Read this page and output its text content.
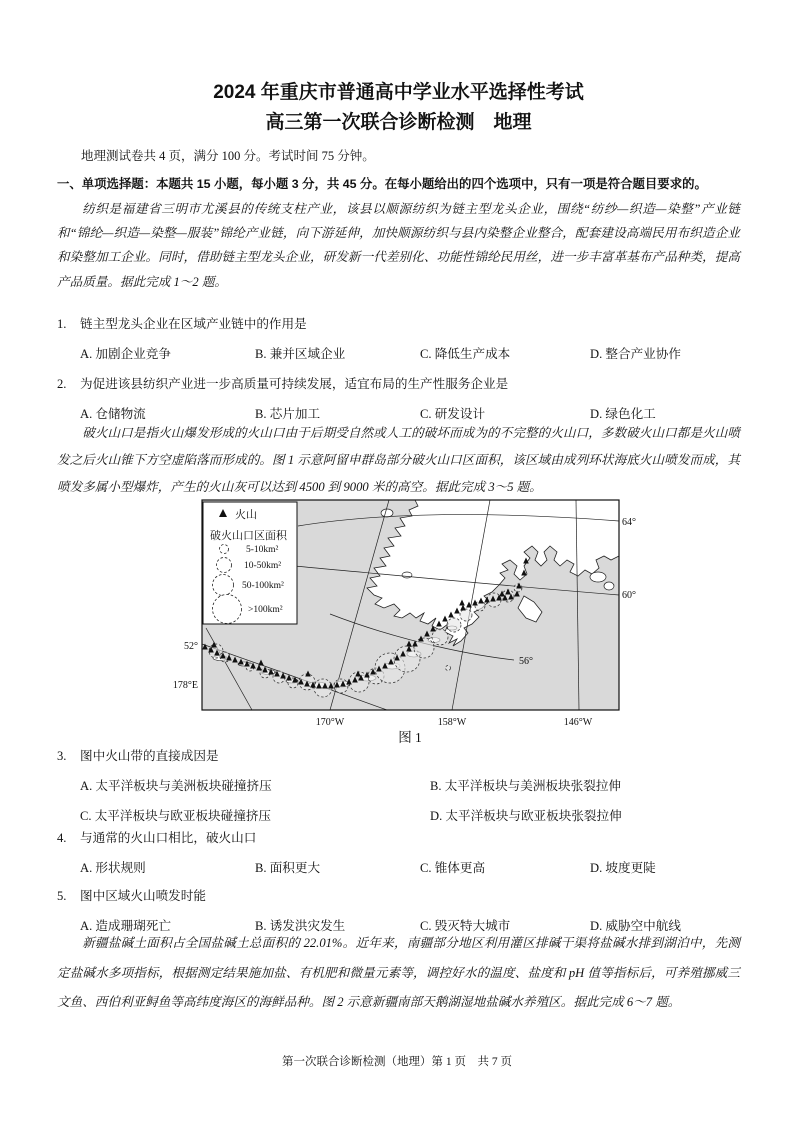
2024 年重庆市普通高中学业水平选择性考试
高三第一次联合诊断检测　地理
地理测试卷共 4 页，满分 100 分。考试时间 75 分钟。
一、单项选择题：本题共 15 小题，每小题 3 分，共 45 分。在每小题给出的四个选项中，只有一项是符合题目要求的。
纺织是福建省三明市尤溪县的传统支柱产业，该县以顺源纺织为链主型龙头企业，围绕“纺纱—织造—染整”产业链和“锦纶—织造—染整—服装”锦纶产业链，向下游延伸，加快顺源纺织与县内染整企业整合，配套建设高端民用布织造企业和染整加工企业。同时，借助链主型龙头企业，研发新一代差别化、功能性锦纶民用丝，进一步丰富革基布产品种类，提高产品质量。据此完成 1～2 题。
1.	链主型龙头企业在区域产业链中的作用是
A. 加剧企业竞争	B. 兼并区域企业	C. 降低生产成本	D. 整合产业协作
2.	为促进该县纺织产业进一步高质量可持续发展，适宜布局的生产性服务企业是
A. 仓储物流	B. 芯片加工	C. 研发设计	D. 绿色化工
破火山口是指火山爆发形成的火山口由于后期受自然或人工的破坏而成为的不完整的火山口，多数破火山口都是火山喷发之后火山锥下方空虚陷落而形成的。图 1 示意阿留申群岛部分破火山口区面积，该区域由成列环状海底火山喷发而成，其喷发多属小型爆炸，产生的火山灰可以达到 4500 到 9000 米的高空。据此完成 3～5 题。
火山
破火山口区面积
5-10km²
10-50km²
50-100km²
>100km²
52°
178°E
64°
60°
56°
170°W	158°W	146°W
图 1
3.	图中火山带的直接成因是
A. 太平洋板块与美洲板块碰撞挤压	B. 太平洋板块与美洲板块张裂拉伸
C. 太平洋板块与欧亚板块碰撞挤压	D. 太平洋板块与欧亚板块张裂拉伸
4.	与通常的火山口相比，破火山口
A. 形状规则	B. 面积更大	C. 锥体更高	D. 坡度更陡
5.	图中区域火山喷发时能
A. 造成珊瑚死亡	B. 诱发洪灾发生	C. 毁灭特大城市	D. 威胁空中航线
新疆盐碱土面积占全国盐碱土总面积的 22.01%。近年来，南疆部分地区利用灌区排碱干渠将盐碱水排到湖泊中，先测定盐碱水多项指标，根据测定结果施加盐、有机肥和微量元素等，调控好水的温度、盐度和 pH 值等指标后，可养殖挪威三文鱼、西伯利亚鲟鱼等高纬度海区的海鲜品种。图 2 示意新疆南部天鹅湖湿地盐碱水养殖区。据此完成 6～7 题。
第一次联合诊断检测（地理）第 1 页　共 7 页
